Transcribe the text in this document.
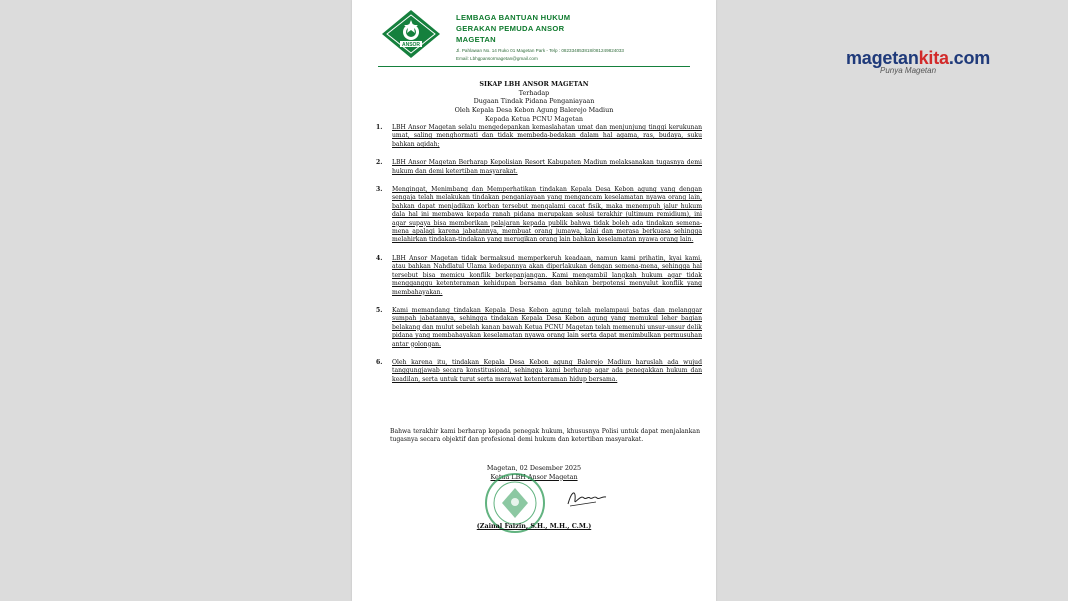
magetankita.com
Punya Magetan
ANSOR
LEMBAGA BANTUAN HUKUM
GERAKAN PEMUDA ANSOR
MAGETAN
Jl. Pahlawan No. 14 Ruko 01 Magetan Park - Telp : 082334853818/081249824033
Email: Lbhgpansormagetan@gmail.com
SIKAP LBH ANSOR MAGETAN
Terhadap
Dugaan Tindak Pidana Penganiayaan
Oleh Kepala Desa Kebon Agung Balerejo Madiun
Kepada Ketua PCNU Magetan
1. LBH Ansor Magetan selalu mengedepankan kemaslahatan umat dan menjunjung tinggi kerukunan umat, saling menghormati dan tidak membeda-bedakan dalam hal agama, ras, budaya, suku bahkan aqidah;
2. LBH Ansor Magetan Berharap Kepolisian Resort Kabupaten Madiun melaksanakan tugasnya demi hukum dan demi ketertiban masyarakat.
3. Mengingat, Menimbang dan Memperhatikan tindakan Kepala Desa Kebon agung yang dengan sengaja telah melakukan tindakan penganiayaan yang mengancam keselamatan nyawa orang lain, bahkan dapat menjadikan korban tersebut mengalami cacat fisik, maka menempuh jalur hukum dala hal ini membawa kepada ranah pidana merupakan solusi terakhir (ultimum remidium), ini agar supaya bisa memberikan pelajaran kepada publik bahwa tidak boleh ada tindakan semena-mena apalagi karena jabatannya, membuat orang jumawa, lalai dan merasa berkuasa sehingga melahirkan tindakan-tindakan yang merugikan orang lain bahkan keselamatan nyawa orang lain.
4. LBH Ansor Magetan tidak bermaksud memperkeruh keadaan, namun kami prihatin, kyai kami, atau bahkan Nahdlatul Ulama kedepannya akan diperlakukan dengan semena-mena, sehingga hal tersebut bisa memicu konflik berkepanjangan. Kami mengambil langkah hukum agar tidak mengganggu ketenteraman kehidupan bersama dan bahkan berpotensi menyulut konflik yang membahayakan.
5. Kami memandang tindakan Kepala Desa Kebon agung telah melampaui batas dan melanggar sumpah jabatannya, sehingga tindakan Kepala Desa Kebon agung yang memukul leher bagian belakang dan mulut sebelah kanan bawah Ketua PCNU Magetan telah memenuhi unsur-unsur delik pidana yang membahayakan keselamatan nyawa orang lain serta dapat menimbulkan permusuhan antar golongan.
6. Oleh karena itu, tindakan Kepala Desa Kebon agung Balerejo Madiun haruslah ada wujud tanggungjawab secara konstitusional, sehingga kami berharap agar ada penegakkan hukum dan keadilan, serta untuk turut serta merawat ketenteraman hidup bersama.
Bahwa terakhir kami berharap kepada penegak hukum, khususnya Polisi untuk dapat menjalankan tugasnya secara objektif dan profesional demi hukum dan ketertiban masyarakat.
Magetan, 02 Desember 2025
Ketua LBH Ansor Magetan
(Zainal Faizin, S.H., M.H., C.M.)
